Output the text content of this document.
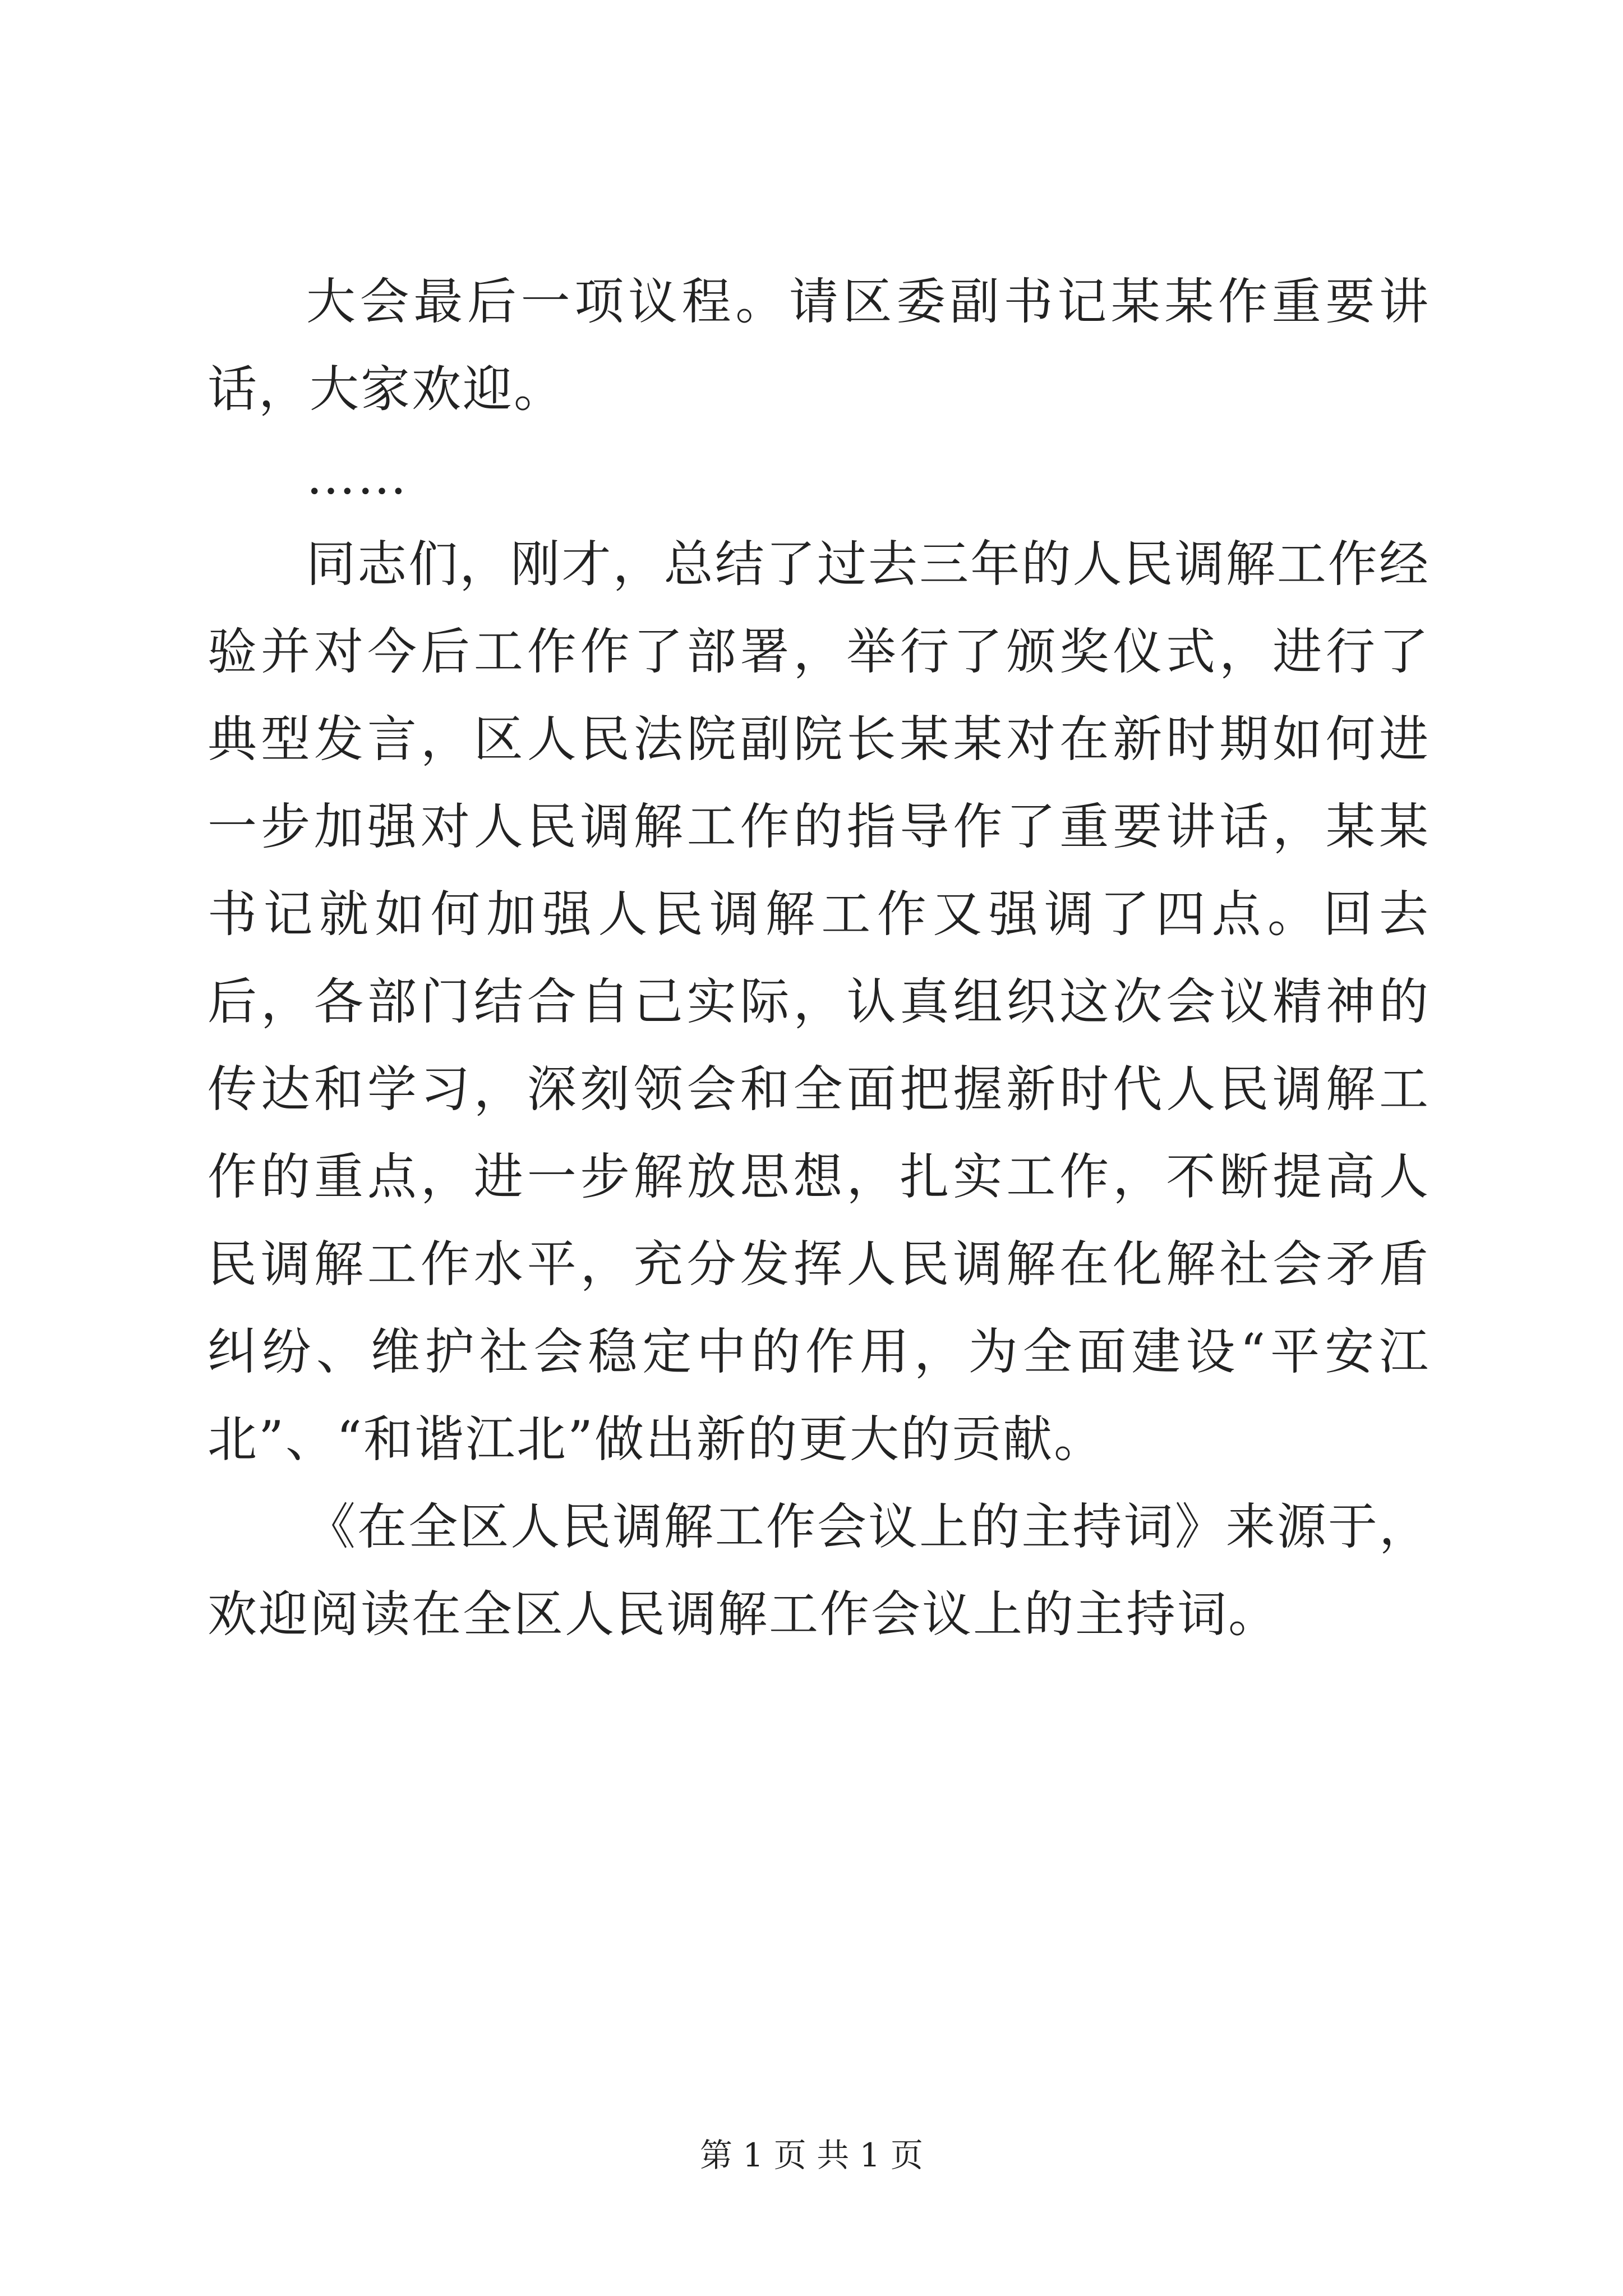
大会最后一项议程。请区委副书记某某作重要讲话，大家欢迎。

……

同志们，刚才，总结了过去三年的人民调解工作经验并对今后工作作了部署，举行了颁奖仪式，进行了典型发言，区人民法院副院长某某对在新时期如何进一步加强对人民调解工作的指导作了重要讲话，某某书记就如何加强人民调解工作又强调了四点。回去后，各部门结合自己实际，认真组织这次会议精神的传达和学习，深刻领会和全面把握新时代人民调解工作的重点，进一步解放思想，扎实工作，不断提高人民调解工作水平，充分发挥人民调解在化解社会矛盾纠纷、维护社会稳定中的作用，为全面建设“平安江北”、“和谐江北”做出新的更大的贡献。

《在全区人民调解工作会议上的主持词》来源于，欢迎阅读在全区人民调解工作会议上的主持词。

第 1 页 共 1 页
